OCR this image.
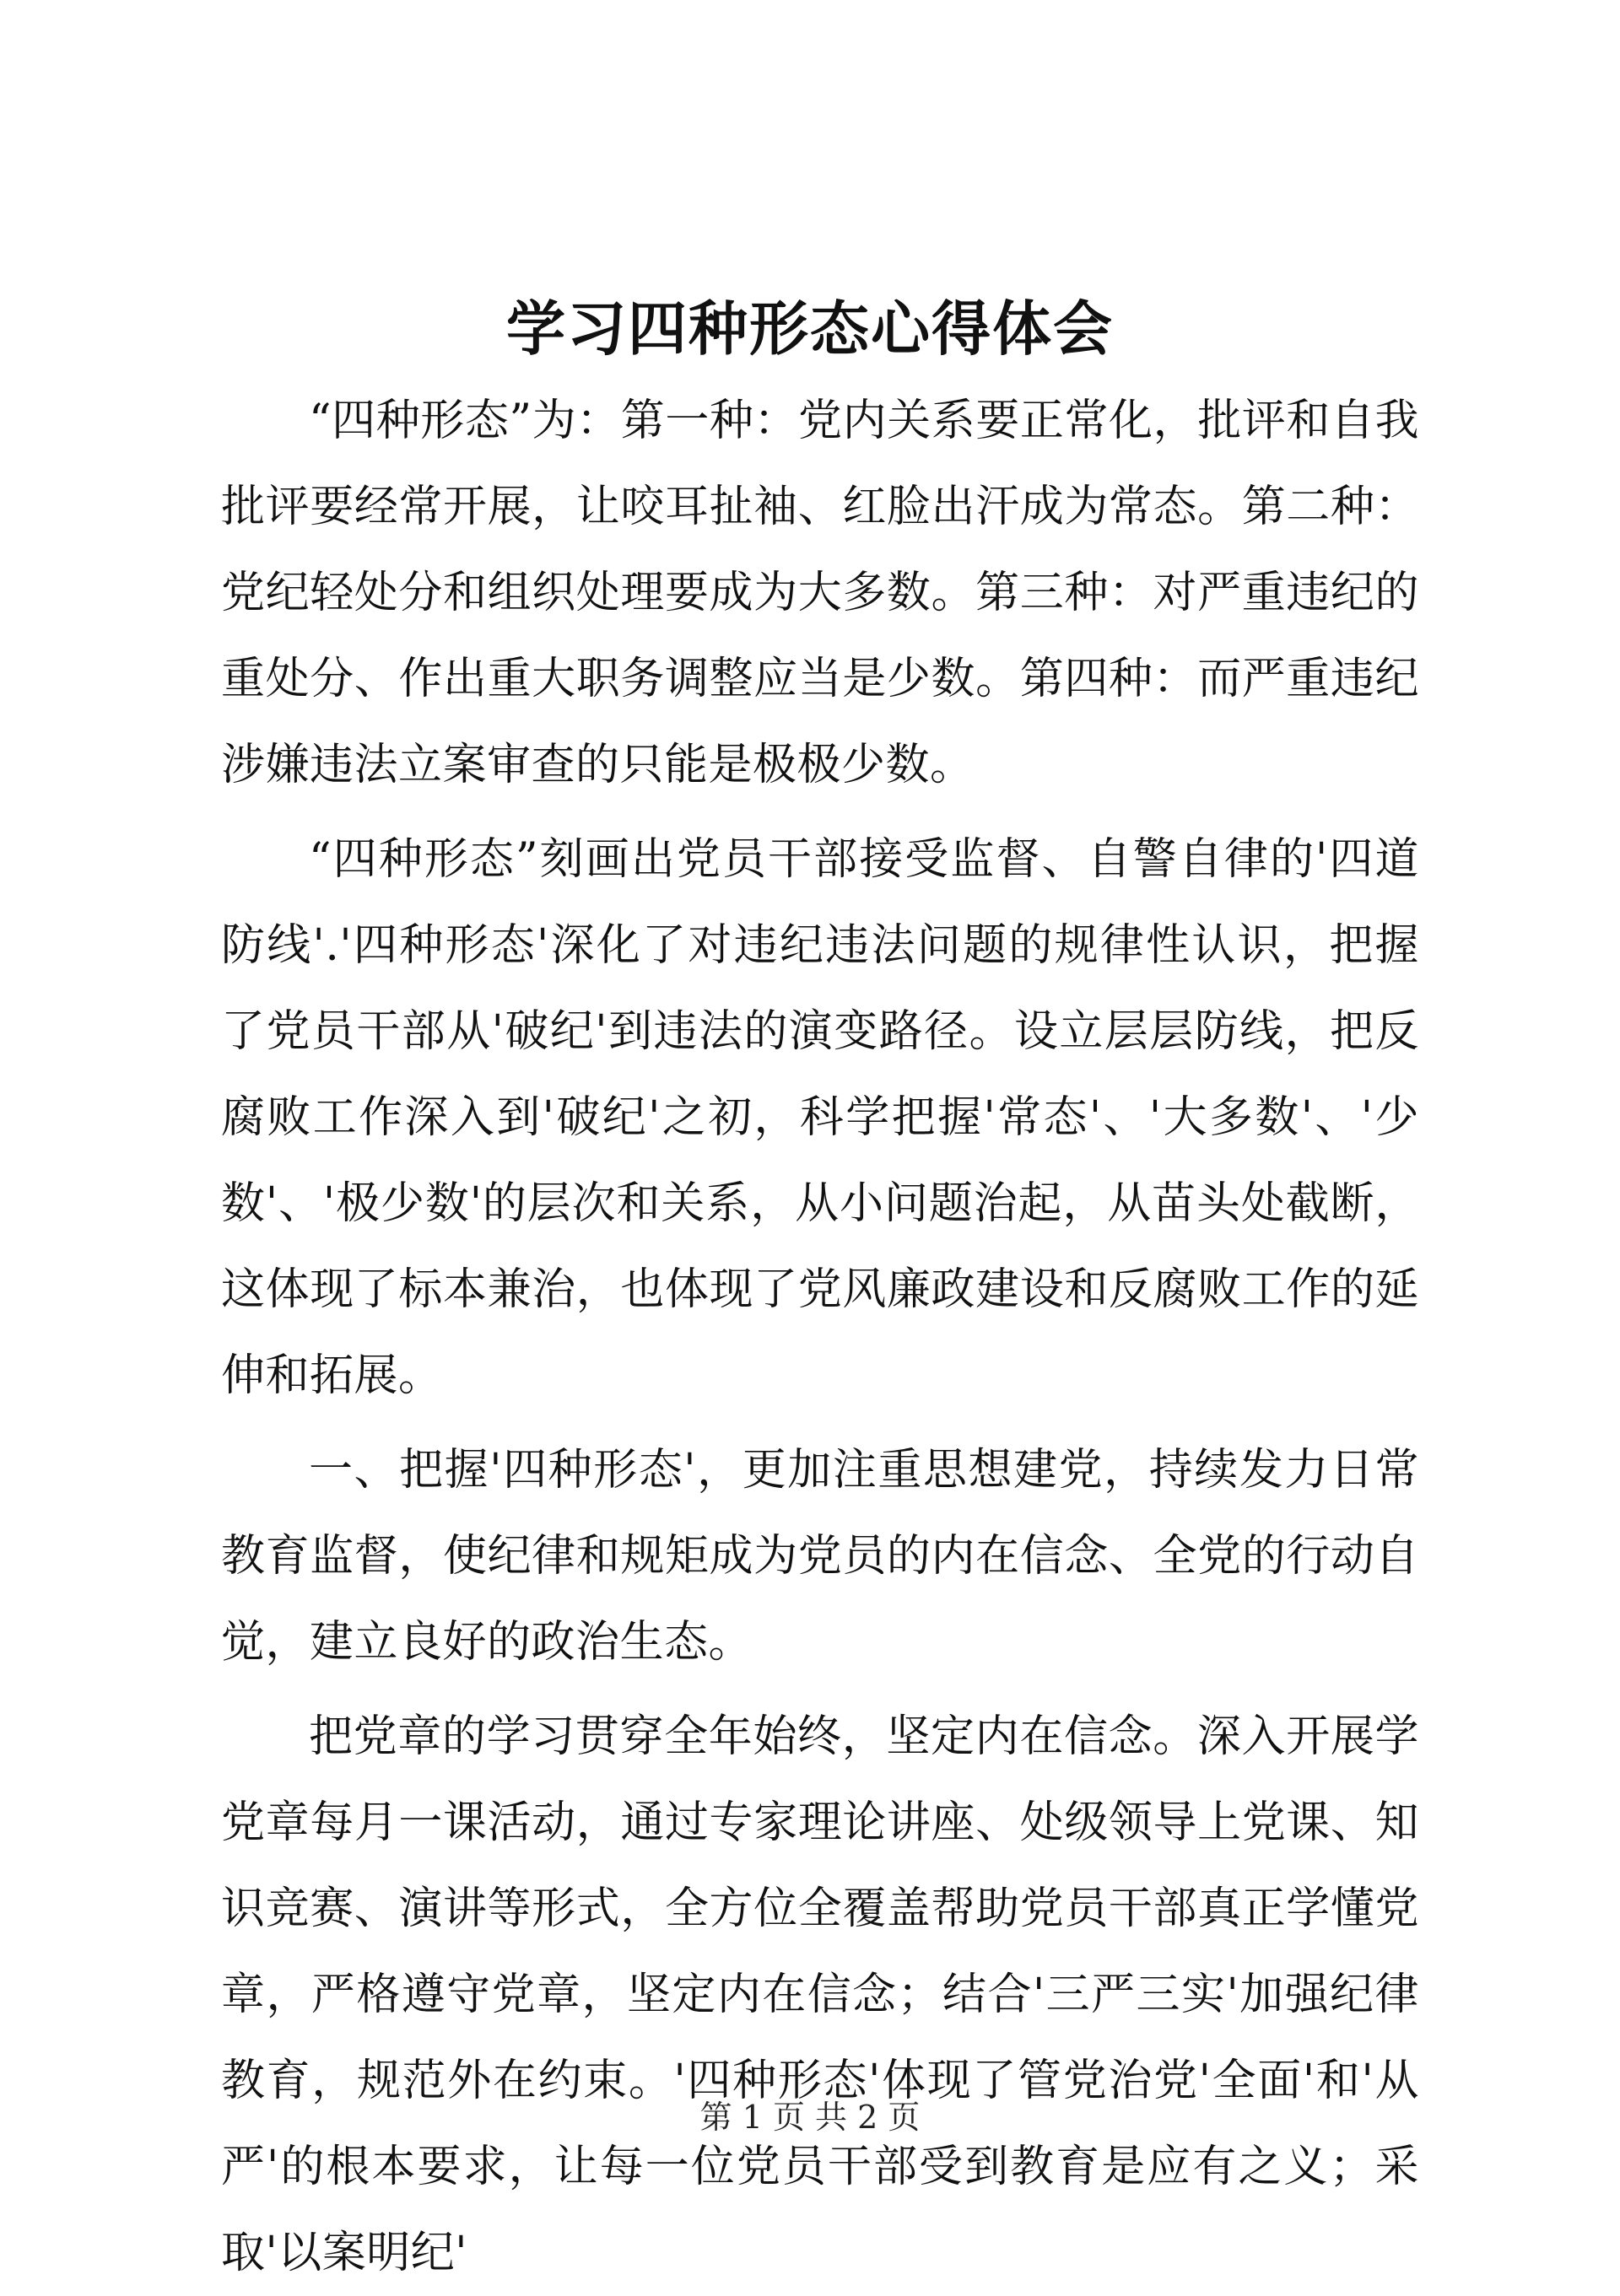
学习四种形态心得体会

“四种形态”为：第一种：党内关系要正常化，批评和自我批评要经常开展，让咬耳扯袖、红脸出汗成为常态。第二种：党纪轻处分和组织处理要成为大多数。第三种：对严重违纪的重处分、作出重大职务调整应当是少数。第四种：而严重违纪涉嫌违法立案审查的只能是极极少数。

“四种形态”刻画出党员干部接受监督、自警自律的'四道防线'.'四种形态'深化了对违纪违法问题的规律性认识，把握了党员干部从'破纪'到违法的演变路径。设立层层防线，把反腐败工作深入到'破纪'之初，科学把握'常态'、'大多数'、'少数'、'极少数'的层次和关系，从小问题治起，从苗头处截断，这体现了标本兼治，也体现了党风廉政建设和反腐败工作的延伸和拓展。

一、把握'四种形态'，更加注重思想建党，持续发力日常教育监督，使纪律和规矩成为党员的内在信念、全党的行动自觉，建立良好的政治生态。

把党章的学习贯穿全年始终，坚定内在信念。深入开展学党章每月一课活动，通过专家理论讲座、处级领导上党课、知识竞赛、演讲等形式，全方位全覆盖帮助党员干部真正学懂党章，严格遵守党章，坚定内在信念；结合'三严三实'加强纪律教育，规范外在约束。'四种形态'体现了管党治党'全面'和'从严'的根本要求，让每一位党员干部受到教育是应有之义；采取'以案明纪'

第 1 页 共 2 页
